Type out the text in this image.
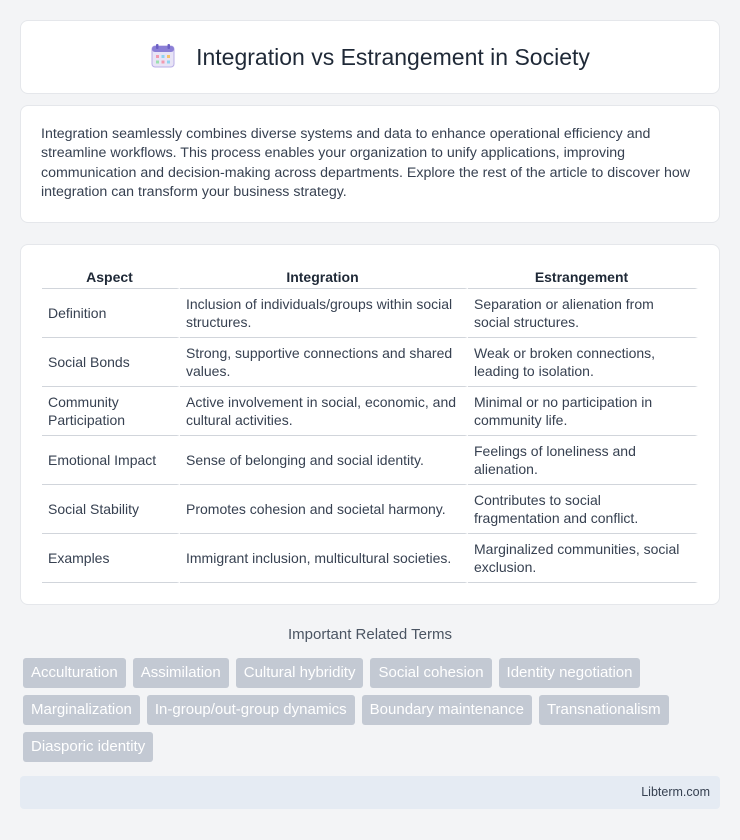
Integration vs Estrangement in Society

Integration seamlessly combines diverse systems and data to enhance operational efficiency and streamline workflows. This process enables your organization to unify applications, improving communication and decision-making across departments. Explore the rest of the article to discover how integration can transform your business strategy.

Aspect	Integration	Estrangement
Definition	Inclusion of individuals/groups within social structures.	Separation or alienation from social structures.
Social Bonds	Strong, supportive connections and shared values.	Weak or broken connections, leading to isolation.
Community Participation	Active involvement in social, economic, and cultural activities.	Minimal or no participation in community life.
Emotional Impact	Sense of belonging and social identity.	Feelings of loneliness and alienation.
Social Stability	Promotes cohesion and societal harmony.	Contributes to social fragmentation and conflict.
Examples	Immigrant inclusion, multicultural societies.	Marginalized communities, social exclusion.
Important Related Terms
Acculturation	Assimilation	Cultural hybridity	Social cohesion	Identity negotiation
Marginalization	In-group/out-group dynamics	Boundary maintenance	Transnationalism
Diasporic identity
Libterm.com
